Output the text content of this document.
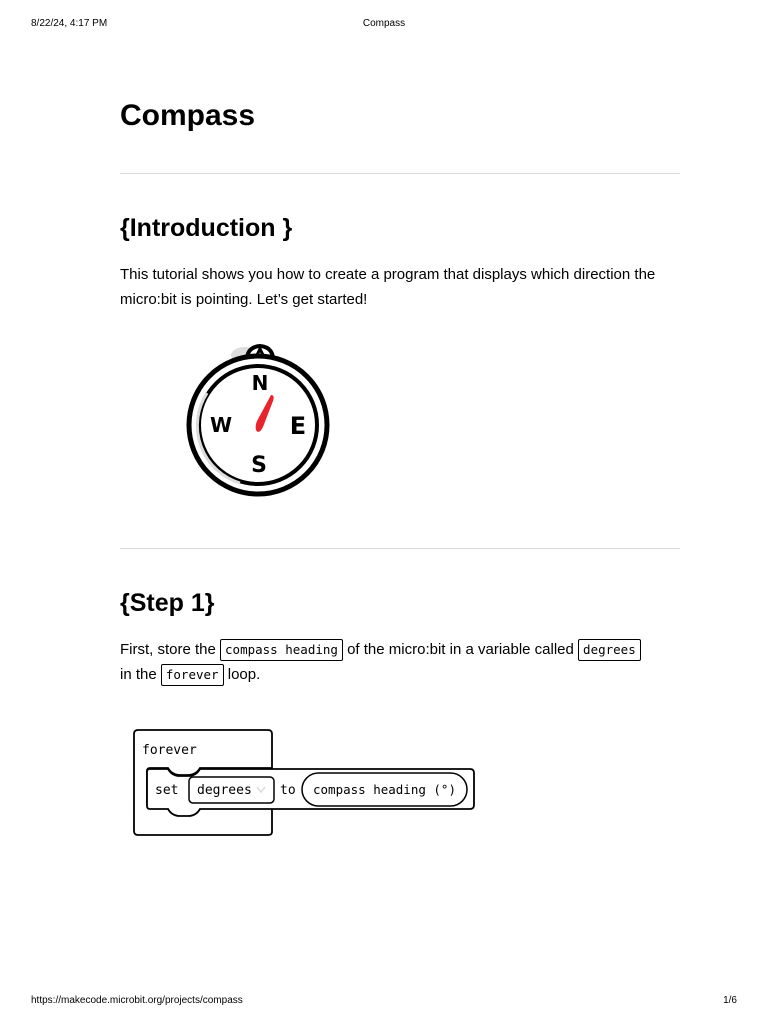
8/22/24, 4:17 PM	Compass
Compass
{Introduction }

This tutorial shows you how to create a program that displays which direction the micro:bit is pointing. Let’s get started!

N
E
S
W
{Step 1}

First, store the compass heading of the micro:bit in a variable called degrees
in the forever loop.

forever
set degrees to compass heading (°)
https://makecode.microbit.org/projects/compass	1/6
